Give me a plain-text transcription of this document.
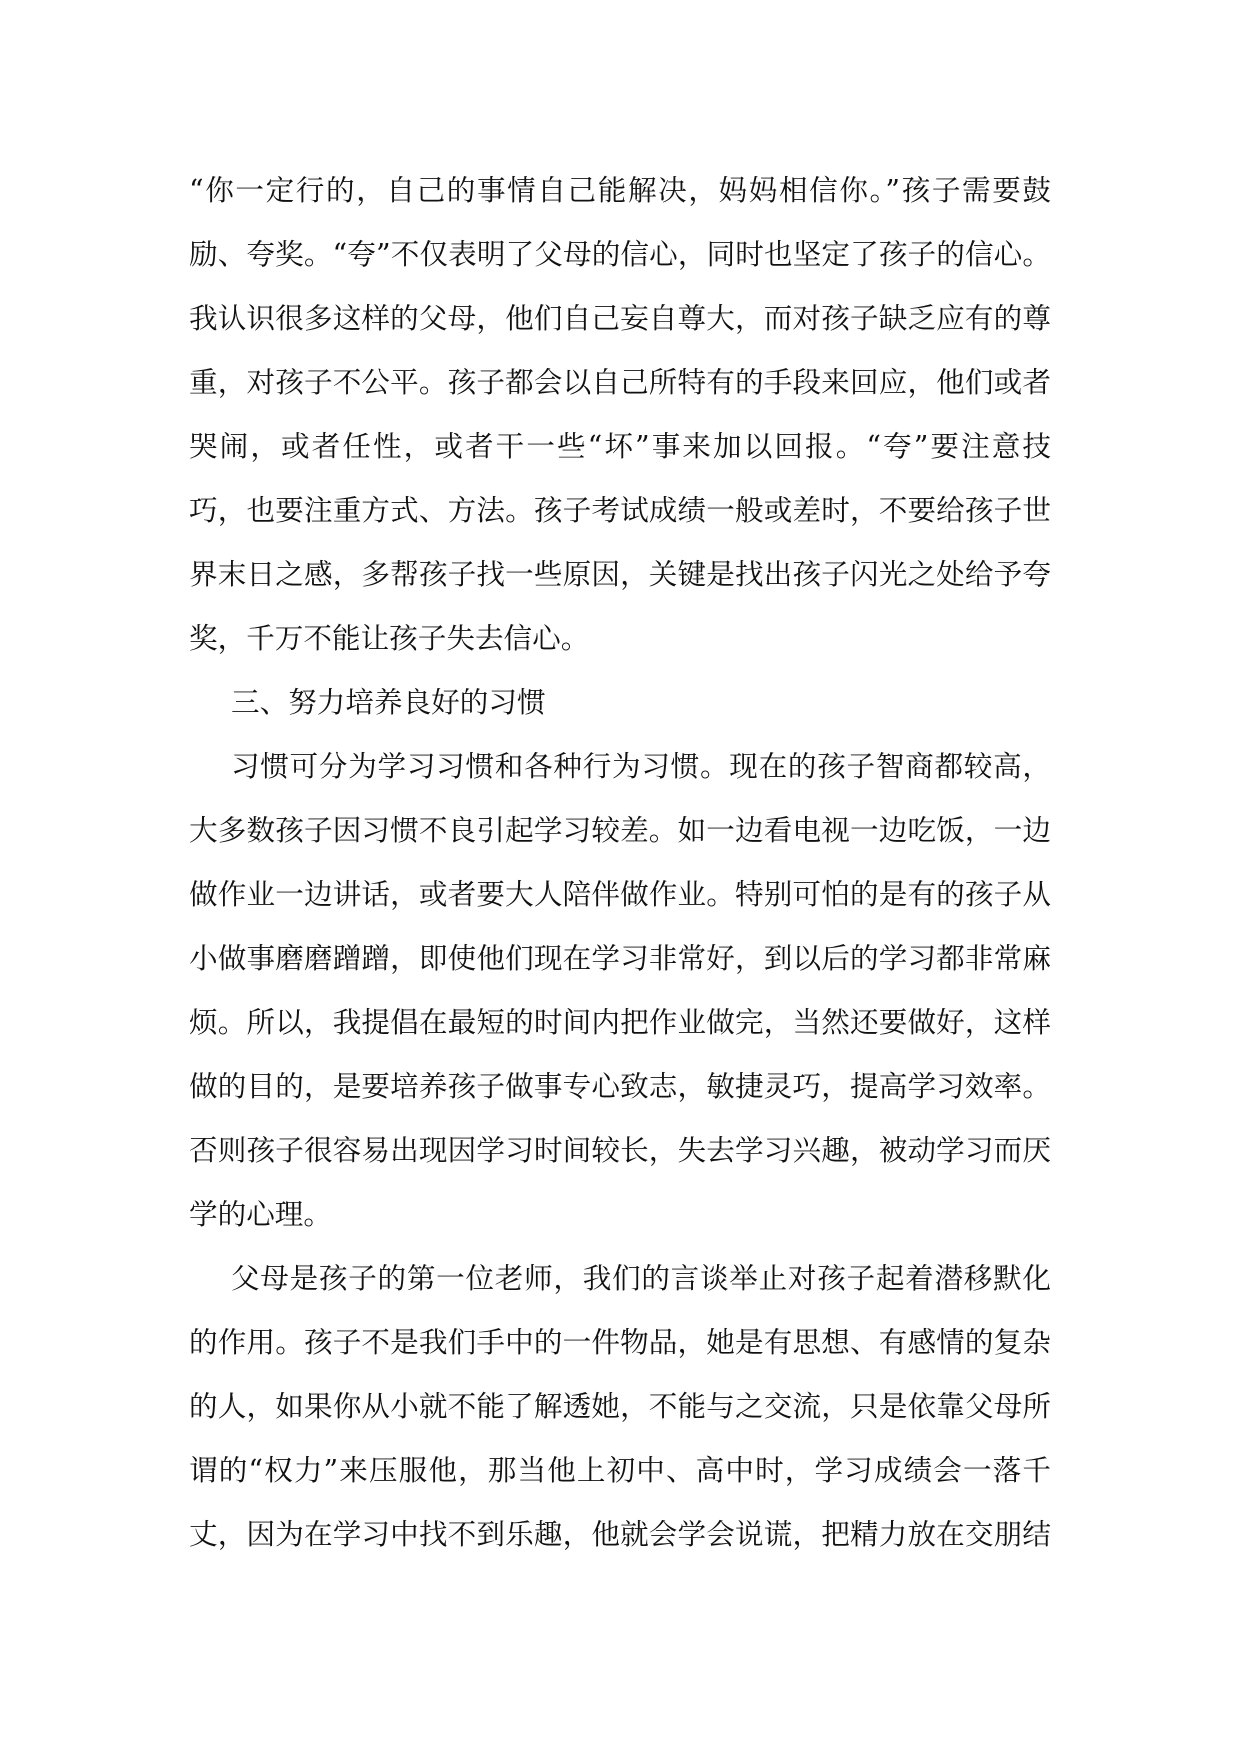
“你一定行的，自己的事情自己能解决，妈妈相信你。”孩子需要鼓
励、夸奖。“夸”不仅表明了父母的信心，同时也坚定了孩子的信心。
我认识很多这样的父母，他们自己妄自尊大，而对孩子缺乏应有的尊
重，对孩子不公平。孩子都会以自己所特有的手段来回应，他们或者
哭闹，或者任性，或者干一些“坏”事来加以回报。“夸”要注意技
巧，也要注重方式、方法。孩子考试成绩一般或差时，不要给孩子世
界末日之感，多帮孩子找一些原因，关键是找出孩子闪光之处给予夸
奖，千万不能让孩子失去信心。
三、努力培养良好的习惯
习惯可分为学习习惯和各种行为习惯。现在的孩子智商都较高，
大多数孩子因习惯不良引起学习较差。如一边看电视一边吃饭，一边
做作业一边讲话，或者要大人陪伴做作业。特别可怕的是有的孩子从
小做事磨磨蹭蹭，即使他们现在学习非常好，到以后的学习都非常麻
烦。所以，我提倡在最短的时间内把作业做完，当然还要做好，这样
做的目的，是要培养孩子做事专心致志，敏捷灵巧，提高学习效率。
否则孩子很容易出现因学习时间较长，失去学习兴趣，被动学习而厌
学的心理。
父母是孩子的第一位老师，我们的言谈举止对孩子起着潜移默化
的作用。孩子不是我们手中的一件物品，她是有思想、有感情的复杂
的人，如果你从小就不能了解透她，不能与之交流，只是依靠父母所
谓的“权力”来压服他，那当他上初中、高中时，学习成绩会一落千
丈，因为在学习中找不到乐趣，他就会学会说谎，把精力放在交朋结
